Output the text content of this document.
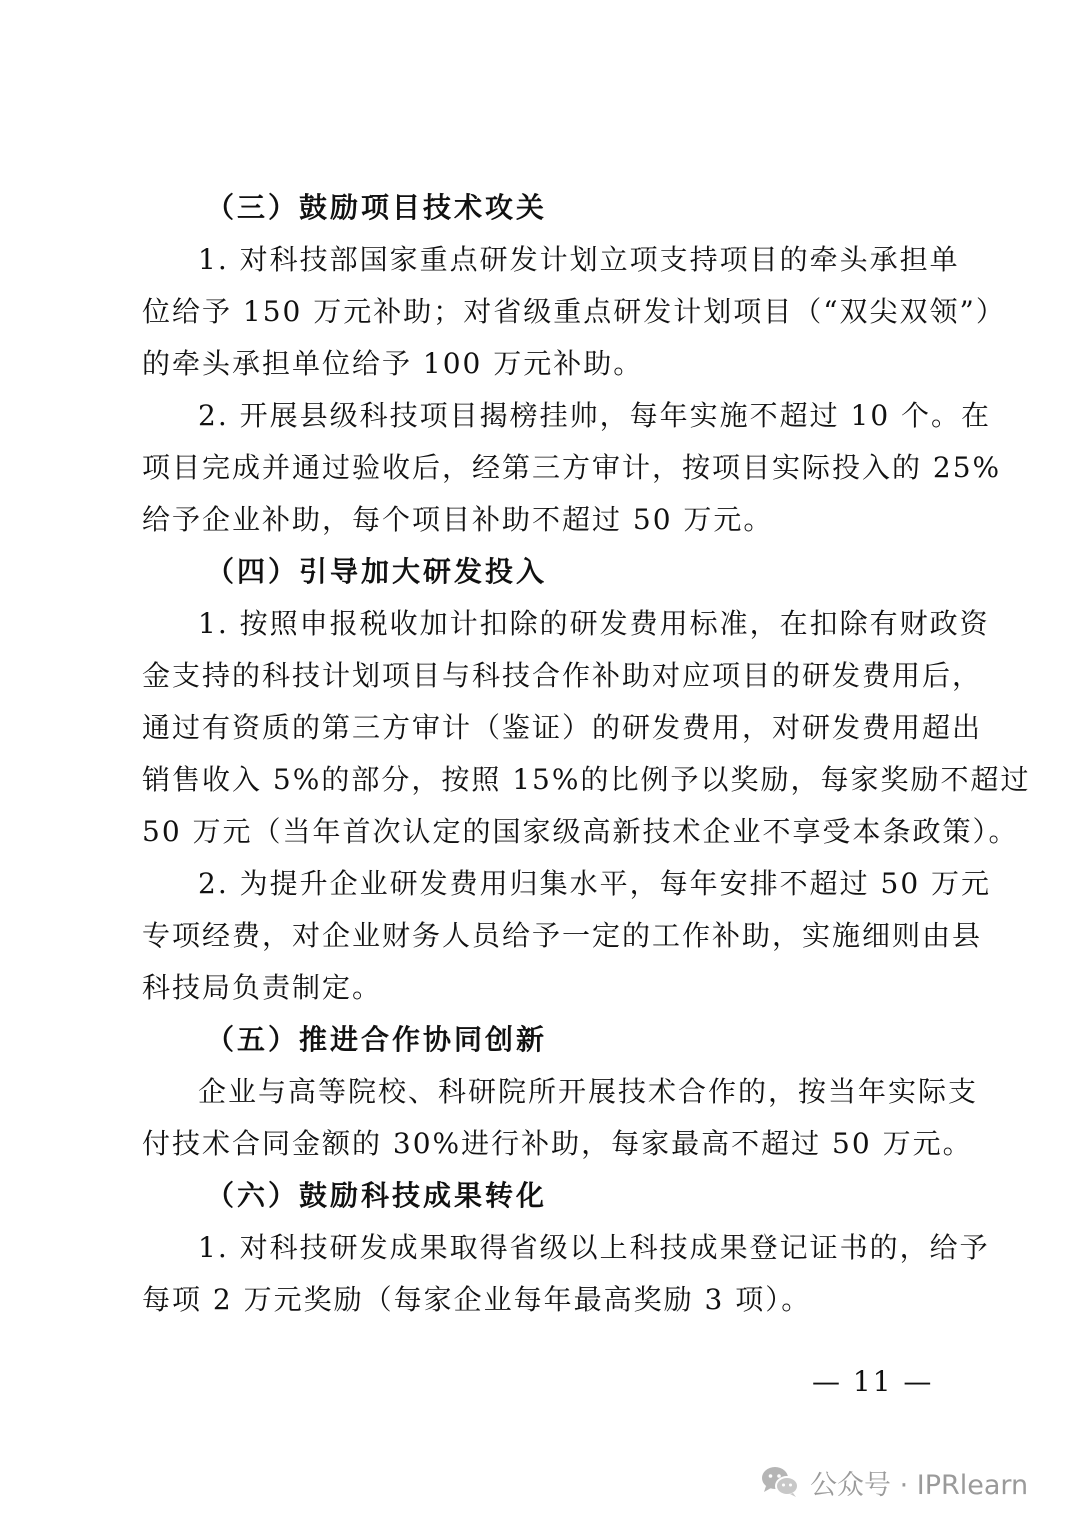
（三）鼓励项目技术攻关
1. 对科技部国家重点研发计划立项支持项目的牵头承担单
位给予 150 万元补助；对省级重点研发计划项目（“双尖双领”）
的牵头承担单位给予 100 万元补助。
2. 开展县级科技项目揭榜挂帅，每年实施不超过 10 个。在
项目完成并通过验收后，经第三方审计，按项目实际投入的 25%
给予企业补助，每个项目补助不超过 50 万元。
（四）引导加大研发投入
1. 按照申报税收加计扣除的研发费用标准，在扣除有财政资
金支持的科技计划项目与科技合作补助对应项目的研发费用后，
通过有资质的第三方审计（鉴证）的研发费用，对研发费用超出
销售收入 5%的部分，按照 15%的比例予以奖励，每家奖励不超过
50 万元（当年首次认定的国家级高新技术企业不享受本条政策）。
2. 为提升企业研发费用归集水平，每年安排不超过 50 万元
专项经费，对企业财务人员给予一定的工作补助，实施细则由县
科技局负责制定。
（五）推进合作协同创新
企业与高等院校、科研院所开展技术合作的，按当年实际支
付技术合同金额的 30%进行补助，每家最高不超过 50 万元。
（六）鼓励科技成果转化
1. 对科技研发成果取得省级以上科技成果登记证书的，给予
每项 2 万元奖励（每家企业每年最高奖励 3 项）。
— 11 —
公众号 · IPRlearn
